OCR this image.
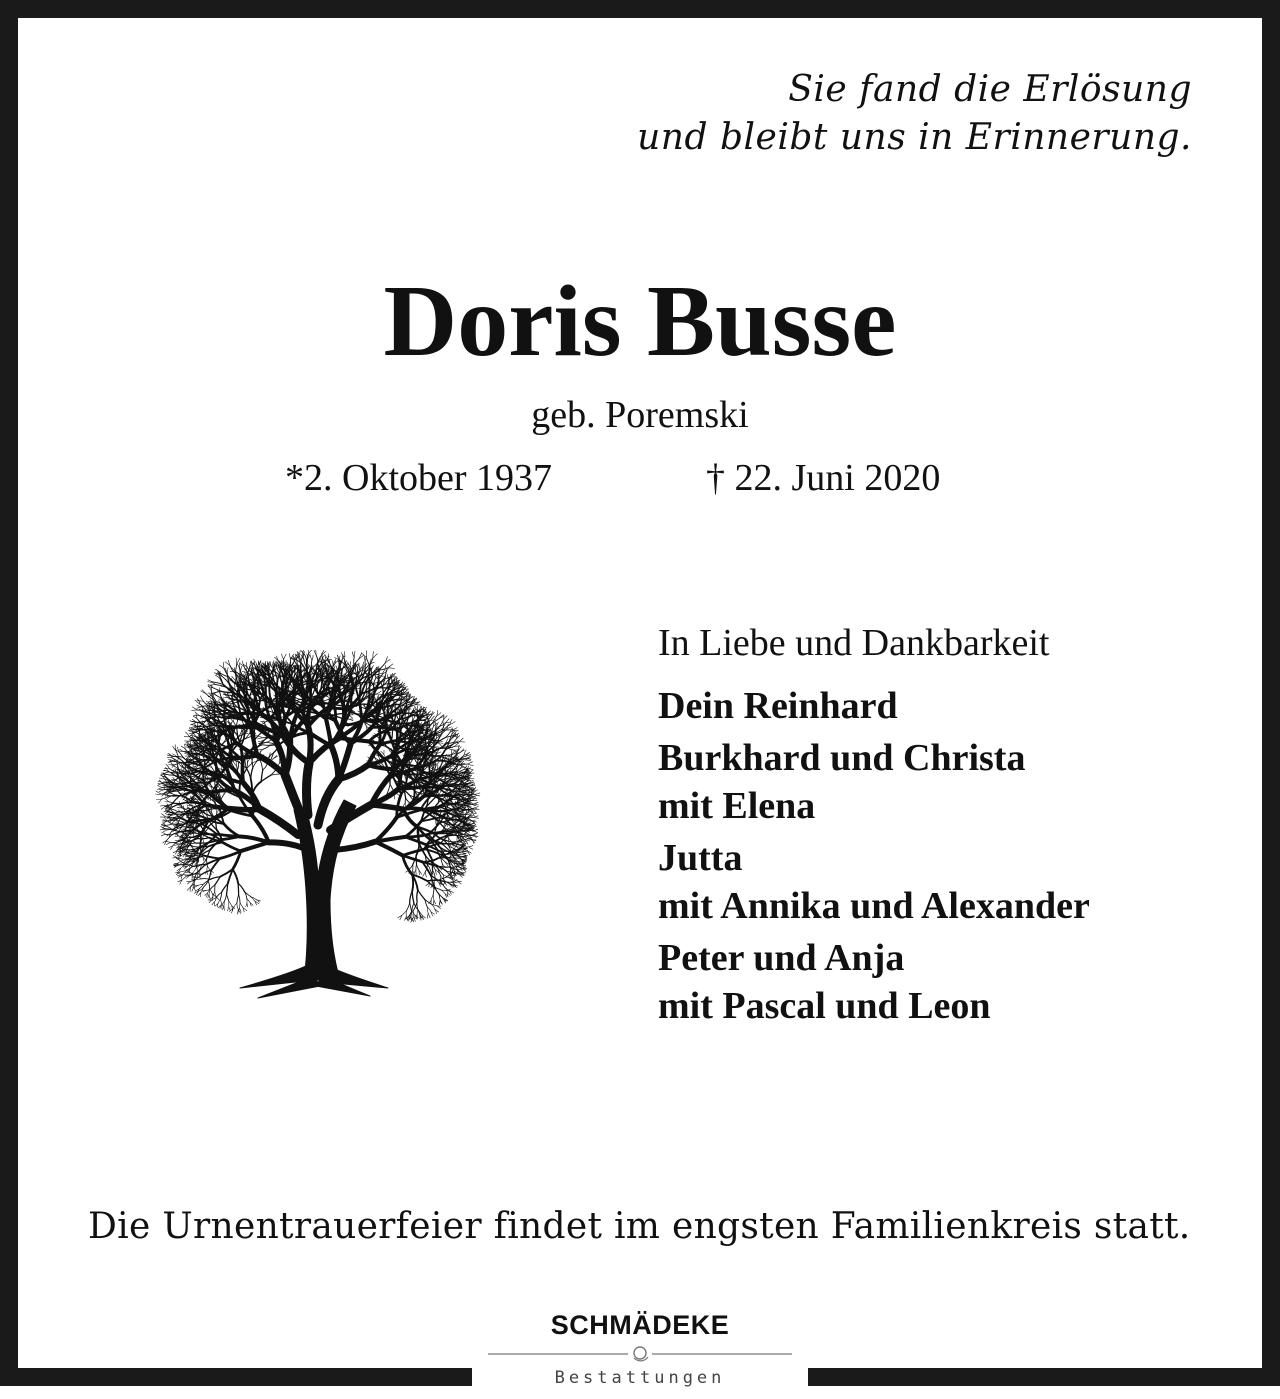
Sie fand die Erlösung
und bleibt uns in Erinnerung.
Doris Busse
geb. Poremski
*2. Oktober 1937	† 22. Juni 2020
In Liebe und Dankbarkeit
Dein Reinhard
Burkhard und Christa
mit Elena
Jutta
mit Annika und Alexander
Peter und Anja
mit Pascal und Leon
Die Urnentrauerfeier findet im engsten Familienkreis statt.
SCHMÄDEKE
Bestattungen
